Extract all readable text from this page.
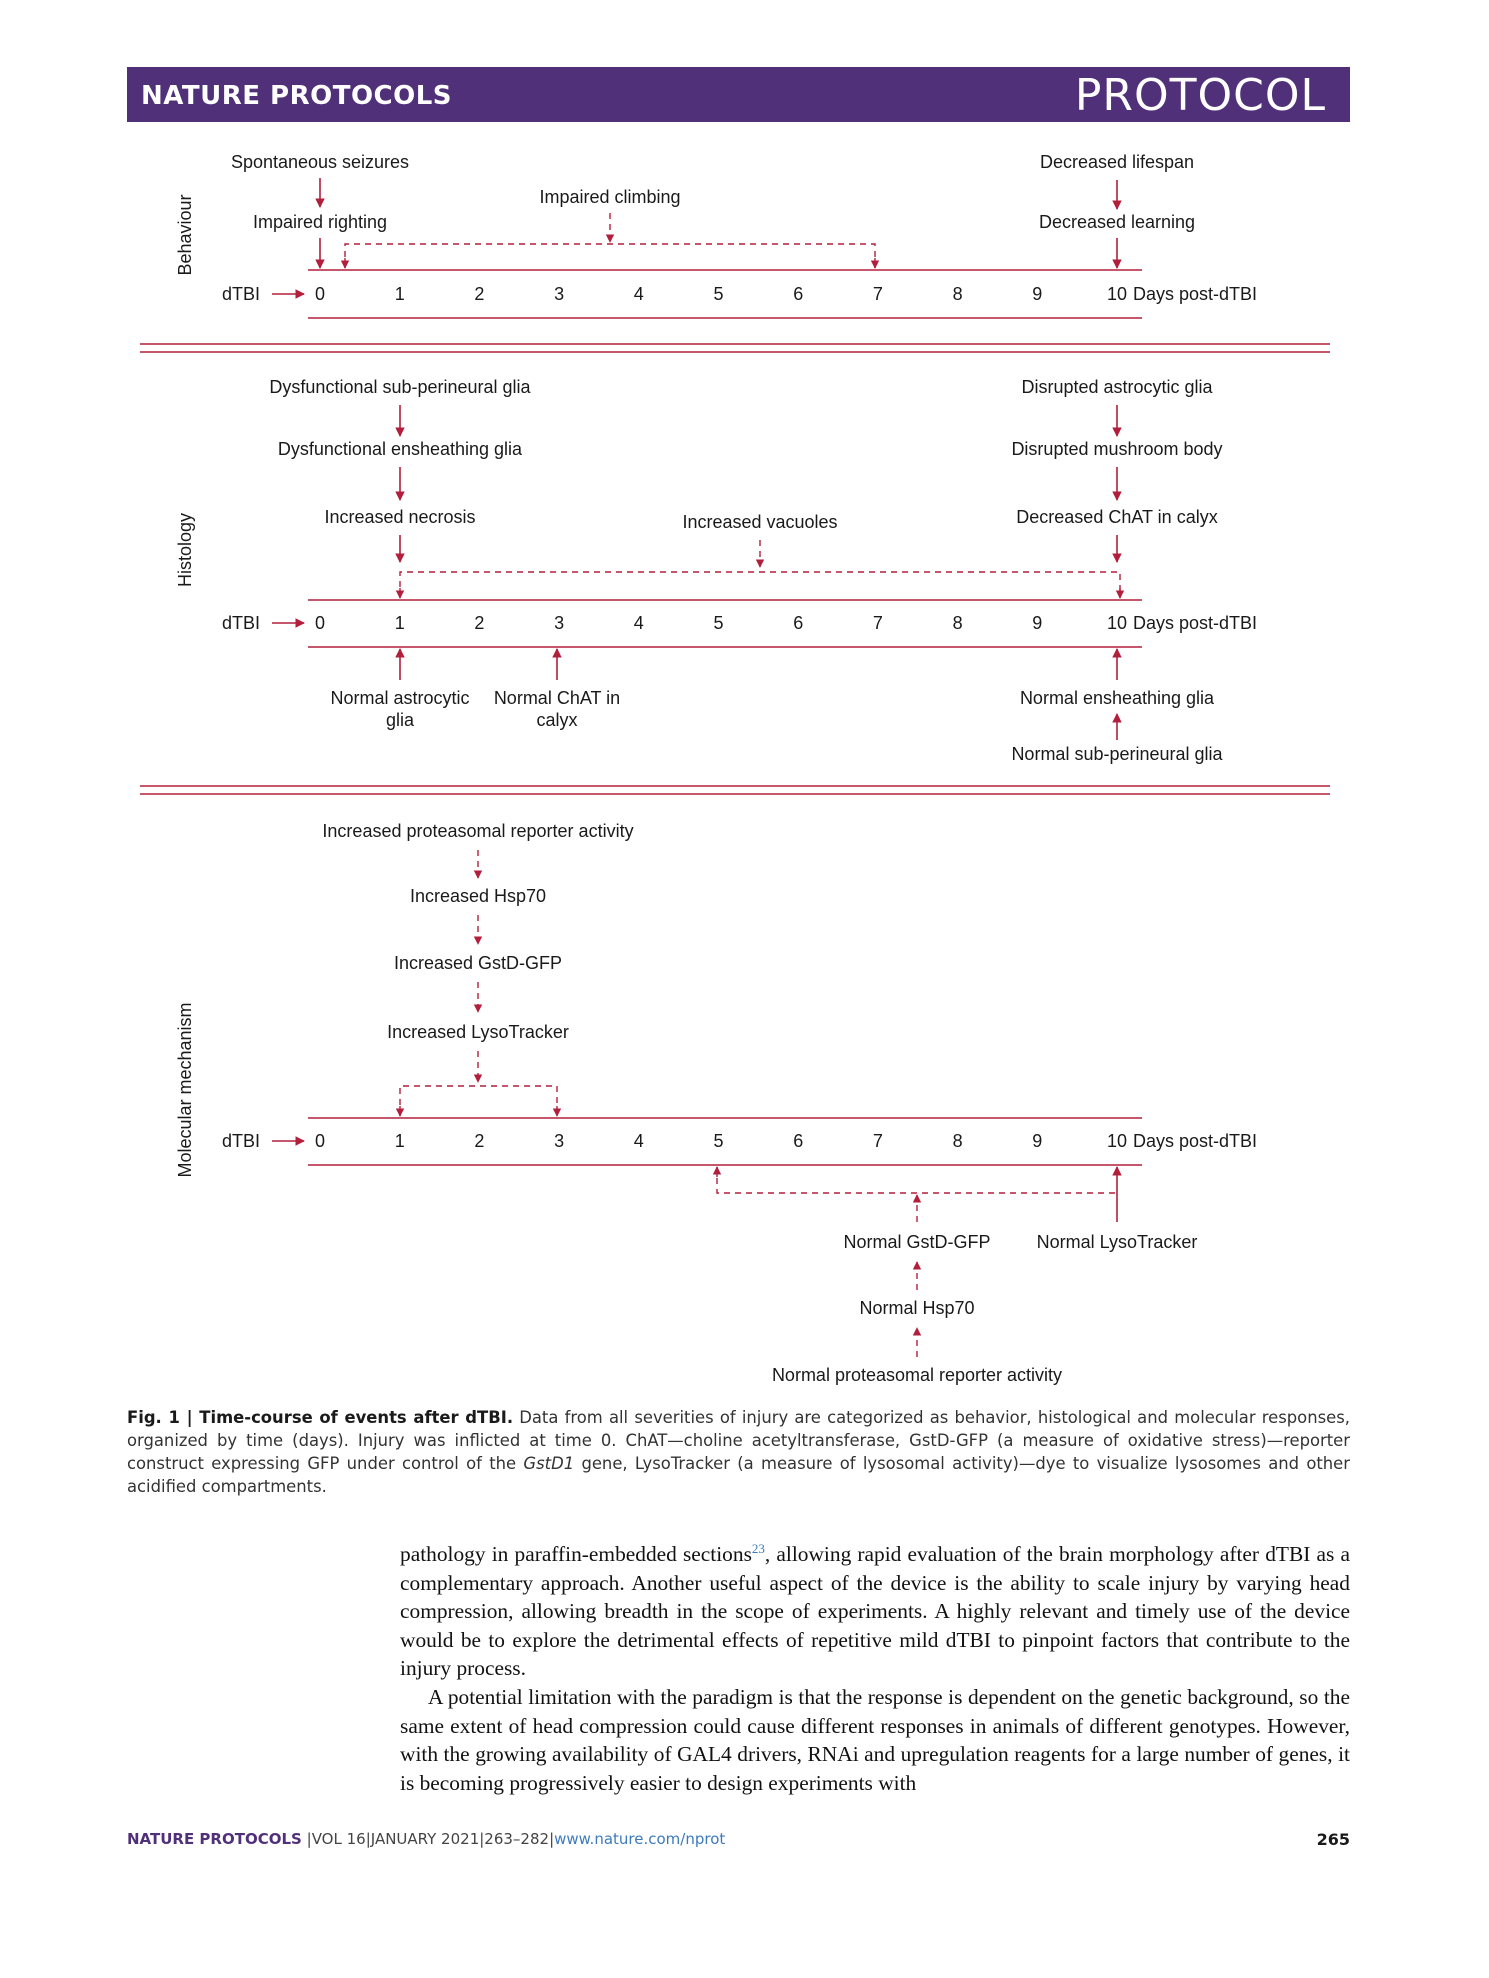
NATURE PROTOCOLS	PROTOCOL
Behaviour
Spontaneous seizures
Impaired righting
Impaired climbing
Decreased lifespan
Decreased learning
dTBI	0	1	2	3	4	5	6	7	8	9	10 Days post-dTBI
Histology
Dysfunctional sub-perineural glia
Dysfunctional ensheathing glia
Increased necrosis	Increased vacuoles
Disrupted astrocytic glia
Disrupted mushroom body
Decreased ChAT in calyx
dTBI	0	1	2	3	4	5	6	7	8	9	10 Days post-dTBI
Normal astrocytic
glia
Normal ChAT in
calyx
Normal ensheathing glia
Normal sub-perineural glia
Molecular mechanism
Increased proteasomal reporter activity
Increased Hsp70
Increased GstD-GFP
Increased LysoTracker
dTBI	0	1	2	3	4	5	6	7	8	9	10 Days post-dTBI
Normal GstD-GFP	Normal LysoTracker
Normal Hsp70
Normal proteasomal reporter activity
Fig. 1 | Time-course of events after dTBI. Data from all severities of injury are categorized as behavior, histological and molecular responses, organized by time (days). Injury was inflicted at time 0. ChAT—choline acetyltransferase, GstD-GFP (a measure of oxidative stress)—reporter construct expressing GFP under control of the GstD1 gene, LysoTracker (a measure of lysosomal activity)—dye to visualize lysosomes and other acidified compartments.

pathology in paraffin-embedded sections$^{23}$, allowing rapid evaluation of the brain morphology after dTBI as a complementary approach. Another useful aspect of the device is the ability to scale injury by varying head compression, allowing breadth in the scope of experiments. A highly relevant and timely use of the device would be to explore the detrimental effects of repetitive mild dTBI to pinpoint factors that contribute to the injury process.

A potential limitation with the paradigm is that the response is dependent on the genetic background, so the same extent of head compression could cause different responses in animals of different genotypes. However, with the growing availability of GAL4 drivers, RNAi and upregulation reagents for a large number of genes, it is becoming progressively easier to design experiments with

NATURE PROTOCOLS |VOL 16|JANUARY 2021|263–282|www.nature.com/nprot	265
